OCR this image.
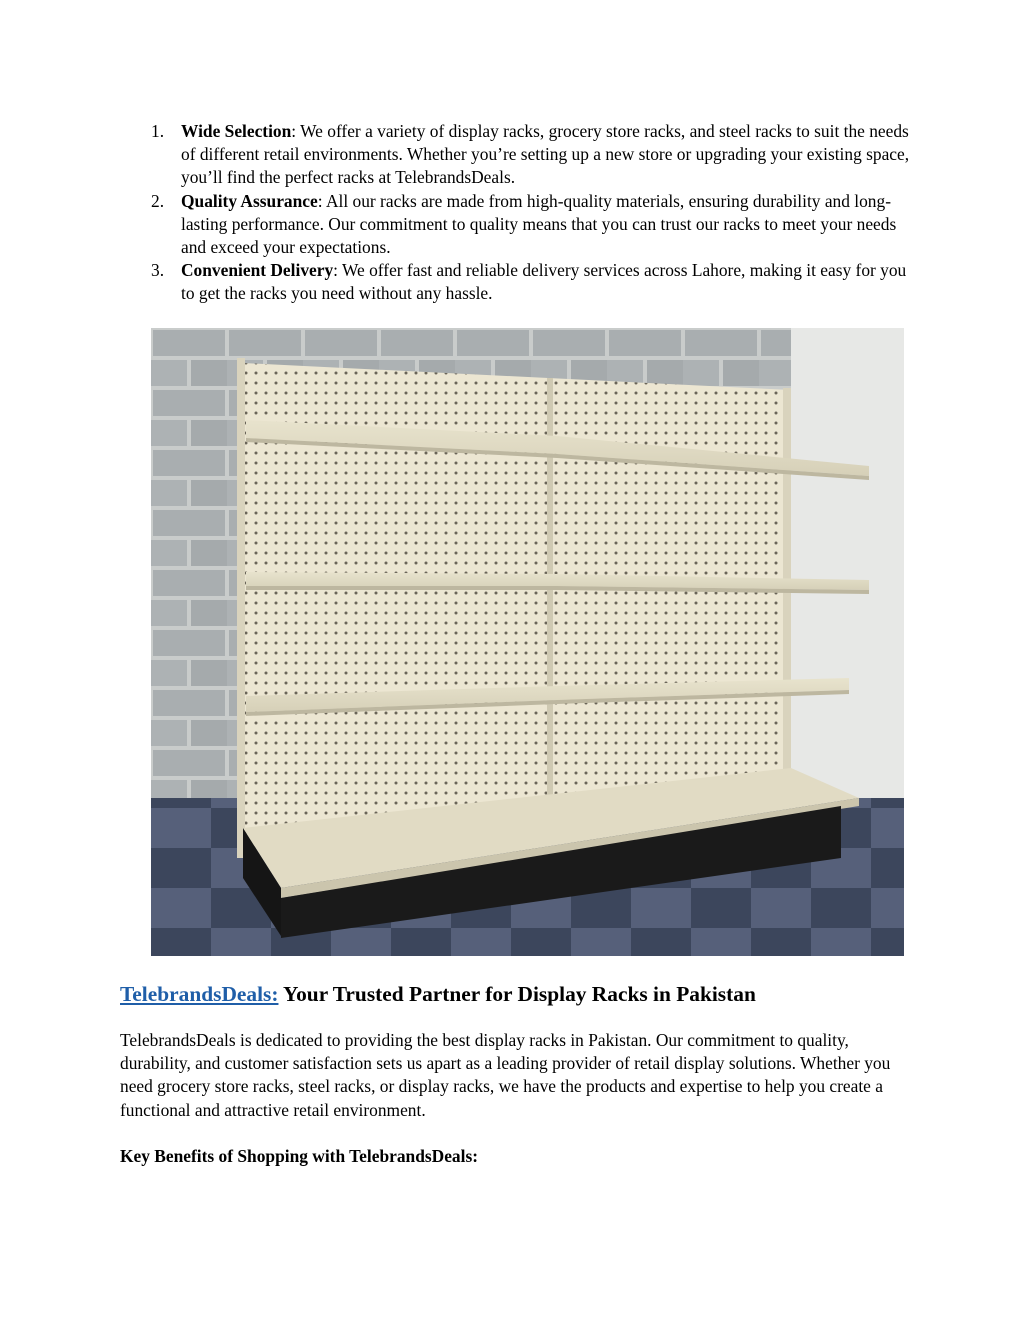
1. Wide Selection: We offer a variety of display racks, grocery store racks, and steel racks to suit the needs of different retail environments. Whether you’re setting up a new store or upgrading your existing space, you’ll find the perfect racks at TelebrandsDeals.
2. Quality Assurance: All our racks are made from high-quality materials, ensuring durability and long-lasting performance. Our commitment to quality means that you can trust our racks to meet your needs and exceed your expectations.
3. Convenient Delivery: We offer fast and reliable delivery services across Lahore, making it easy for you to get the racks you need without any hassle.
TelebrandsDeals: Your Trusted Partner for Display Racks in Pakistan

TelebrandsDeals is dedicated to providing the best display racks in Pakistan. Our commitment to quality, durability, and customer satisfaction sets us apart as a leading provider of retail display solutions. Whether you need grocery store racks, steel racks, or display racks, we have the products and expertise to help you create a functional and attractive retail environment.

Key Benefits of Shopping with TelebrandsDeals:
